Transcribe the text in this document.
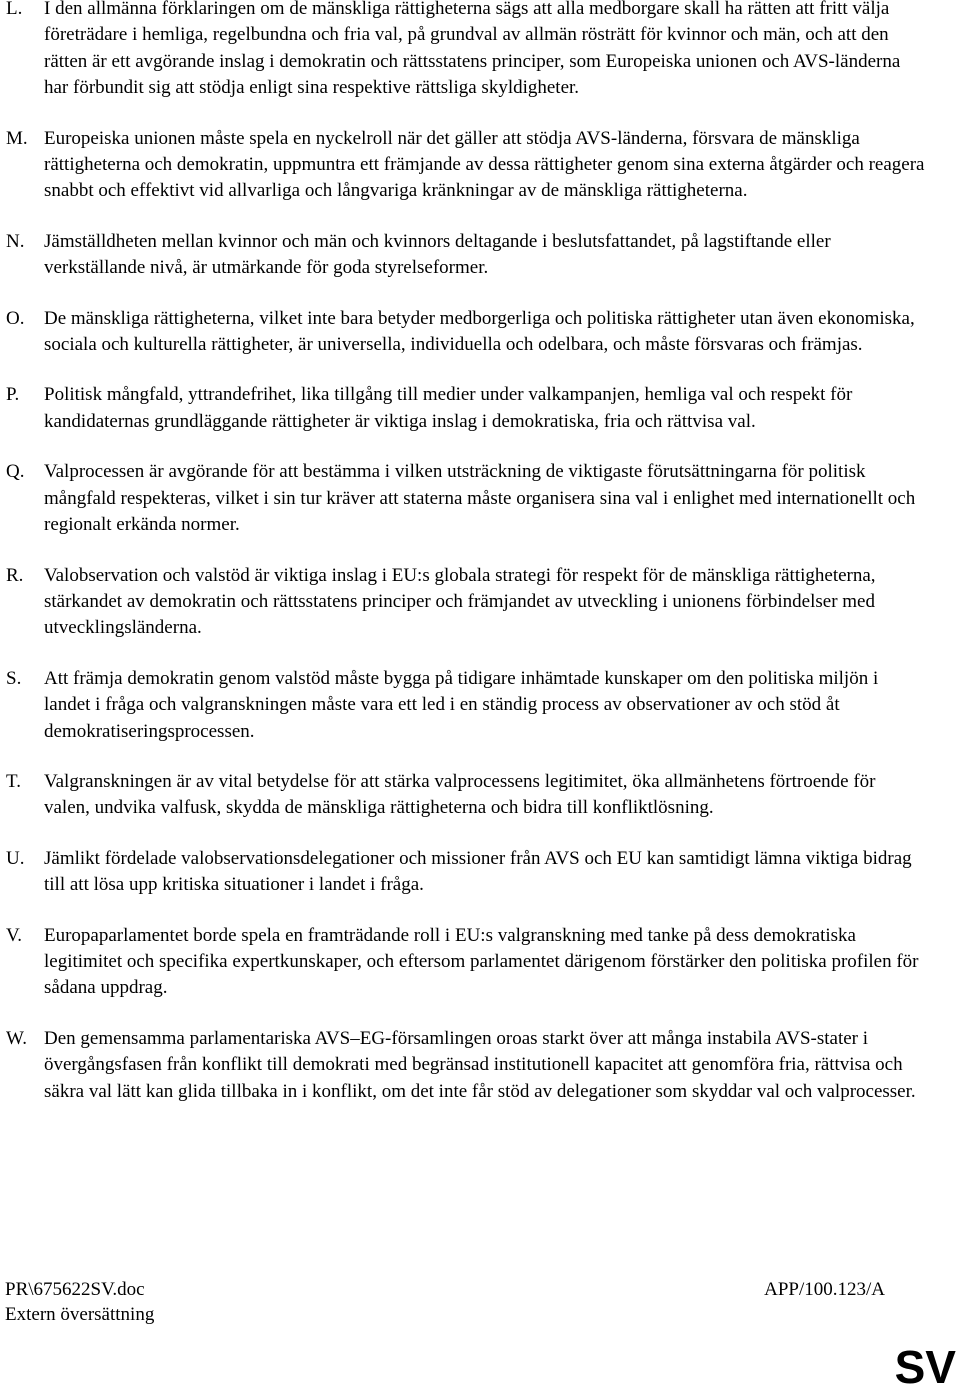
L.	I den allmänna förklaringen om de mänskliga rättigheterna sägs att alla medborgare skall ha rätten att fritt välja företrädare i hemliga, regelbundna och fria val, på grundval av allmän rösträtt för kvinnor och män, och att den rätten är ett avgörande inslag i demokratin och rättsstatens principer, som Europeiska unionen och AVS-länderna har förbundit sig att stödja enligt sina respektive rättsliga skyldigheter.
M. Europeiska unionen måste spela en nyckelroll när det gäller att stödja AVS-länderna, försvara de mänskliga rättigheterna och demokratin, uppmuntra ett främjande av dessa rättigheter genom sina externa åtgärder och reagera snabbt och effektivt vid allvarliga och långvariga kränkningar av de mänskliga rättigheterna.
N.	Jämställdheten mellan kvinnor och män och kvinnors deltagande i beslutsfattandet, på lagstiftande eller verkställande nivå, är utmärkande för goda styrelseformer.
O.	De mänskliga rättigheterna, vilket inte bara betyder medborgerliga och politiska rättigheter utan även ekonomiska, sociala och kulturella rättigheter, är universella, individuella och odelbara, och måste försvaras och främjas.
P.	Politisk mångfald, yttrandefrihet, lika tillgång till medier under valkampanjen, hemliga val och respekt för kandidaternas grundläggande rättigheter är viktiga inslag i demokratiska, fria och rättvisa val.
Q.	Valprocessen är avgörande för att bestämma i vilken utsträckning de viktigaste förutsättningarna för politisk mångfald respekteras, vilket i sin tur kräver att staterna måste organisera sina val i enlighet med internationellt och regionalt erkända normer.
R.	Valobservation och valstöd är viktiga inslag i EU:s globala strategi för respekt för de mänskliga rättigheterna, stärkandet av demokratin och rättsstatens principer och främjandet av utveckling i unionens förbindelser med utvecklingsländerna.
S.	Att främja demokratin genom valstöd måste bygga på tidigare inhämtade kunskaper om den politiska miljön i landet i fråga och valgranskningen måste vara ett led i en ständig process av observationer av och stöd åt demokratiseringsprocessen.
T.	Valgranskningen är av vital betydelse för att stärka valprocessens legitimitet, öka allmänhetens förtroende för valen, undvika valfusk, skydda de mänskliga rättigheterna och bidra till konfliktlösning.
U.	Jämlikt fördelade valobservationsdelegationer och missioner från AVS och EU kan samtidigt lämna viktiga bidrag till att lösa upp kritiska situationer i landet i fråga.
V.	Europaparlamentet borde spela en framträdande roll i EU:s valgranskning med tanke på dess demokratiska legitimitet och specifika expertkunskaper, och eftersom parlamentet därigenom förstärker den politiska profilen för sådana uppdrag.
W. Den gemensamma parlamentariska AVS–EG-församlingen oroas starkt över att många instabila AVS-stater i övergångsfasen från konflikt till demokrati med begränsad institutionell kapacitet att genomföra fria, rättvisa och säkra val lätt kan glida tillbaka in i konflikt, om det inte får stöd av delegationer som skyddar val och valprocesser.
PR\675622SV.doc	APP/100.123/A
Extern översättning
SV
